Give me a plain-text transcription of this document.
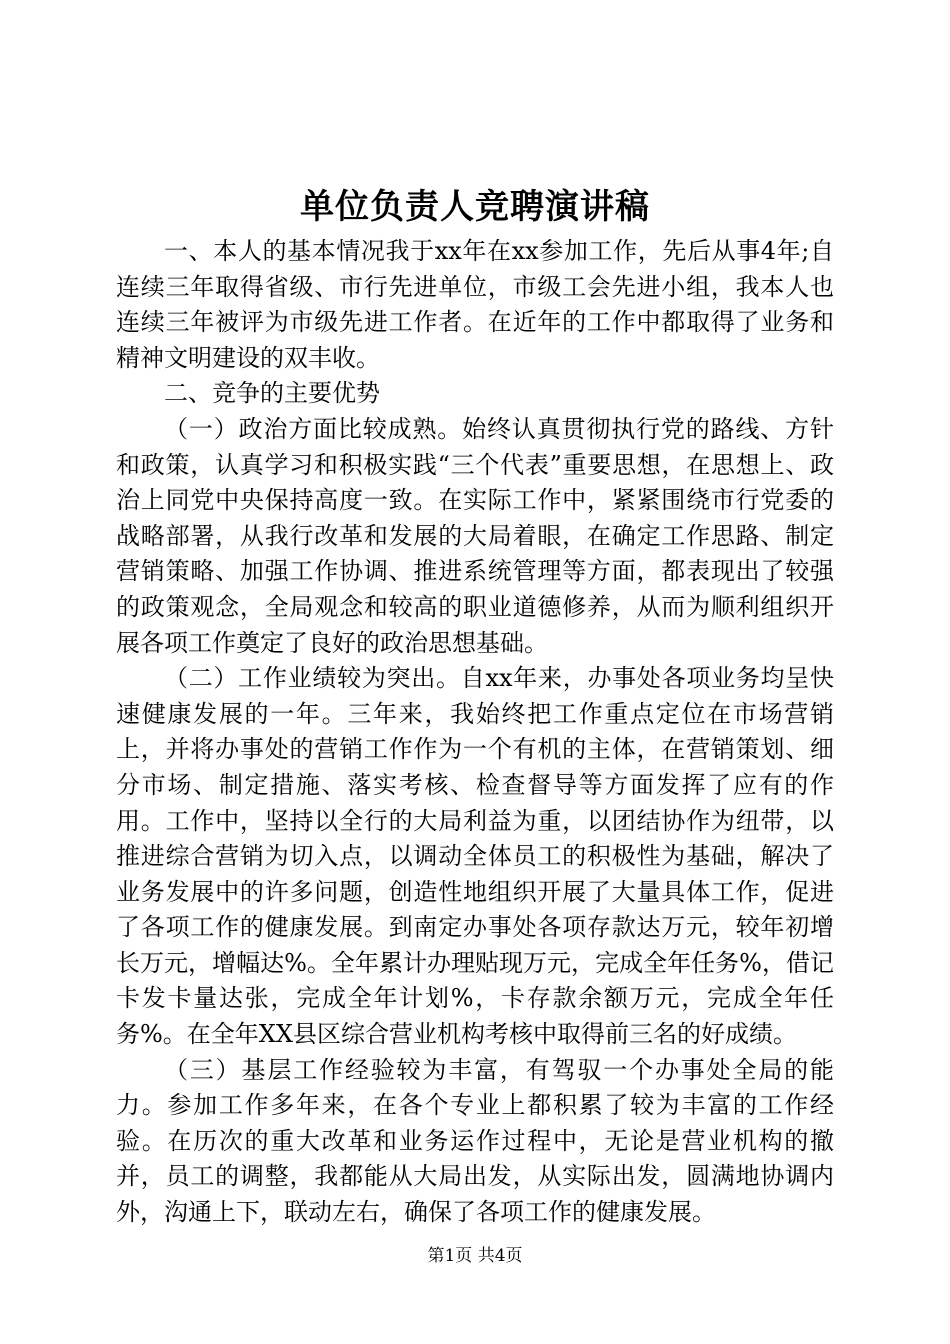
单位负责人竞聘演讲稿

一、本人的基本情况我于xx年在xx参加工作，先后从事4年;自连续三年取得省级、市行先进单位，市级工会先进小组，我本人也连续三年被评为市级先进工作者。在近年的工作中都取得了业务和精神文明建设的双丰收。

二、竞争的主要优势

（一）政治方面比较成熟。始终认真贯彻执行党的路线、方针和政策，认真学习和积极实践“三个代表”重要思想，在思想上、政治上同党中央保持高度一致。在实际工作中，紧紧围绕市行党委的战略部署，从我行改革和发展的大局着眼，在确定工作思路、制定营销策略、加强工作协调、推进系统管理等方面，都表现出了较强的政策观念，全局观念和较高的职业道德修养，从而为顺利组织开展各项工作奠定了良好的政治思想基础。

（二）工作业绩较为突出。自xx年来，办事处各项业务均呈快速健康发展的一年。三年来，我始终把工作重点定位在市场营销上，并将办事处的营销工作作为一个有机的主体，在营销策划、细分市场、制定措施、落实考核、检查督导等方面发挥了应有的作用。工作中，坚持以全行的大局利益为重，以团结协作为纽带，以推进综合营销为切入点，以调动全体员工的积极性为基础，解决了业务发展中的许多问题，创造性地组织开展了大量具体工作，促进了各项工作的健康发展。到南定办事处各项存款达万元，较年初增长万元，增幅达%。全年累计办理贴现万元，完成全年任务%，借记卡发卡量达张，完成全年计划%，卡存款余额万元，完成全年任务%。在全年XX县区综合营业机构考核中取得前三名的好成绩。

（三）基层工作经验较为丰富，有驾驭一个办事处全局的能力。参加工作多年来，在各个专业上都积累了较为丰富的工作经验。在历次的重大改革和业务运作过程中，无论是营业机构的撤并，员工的调整，我都能从大局出发，从实际出发，圆满地协调内外，沟通上下，联动左右，确保了各项工作的健康发展。

第1页 共4页
